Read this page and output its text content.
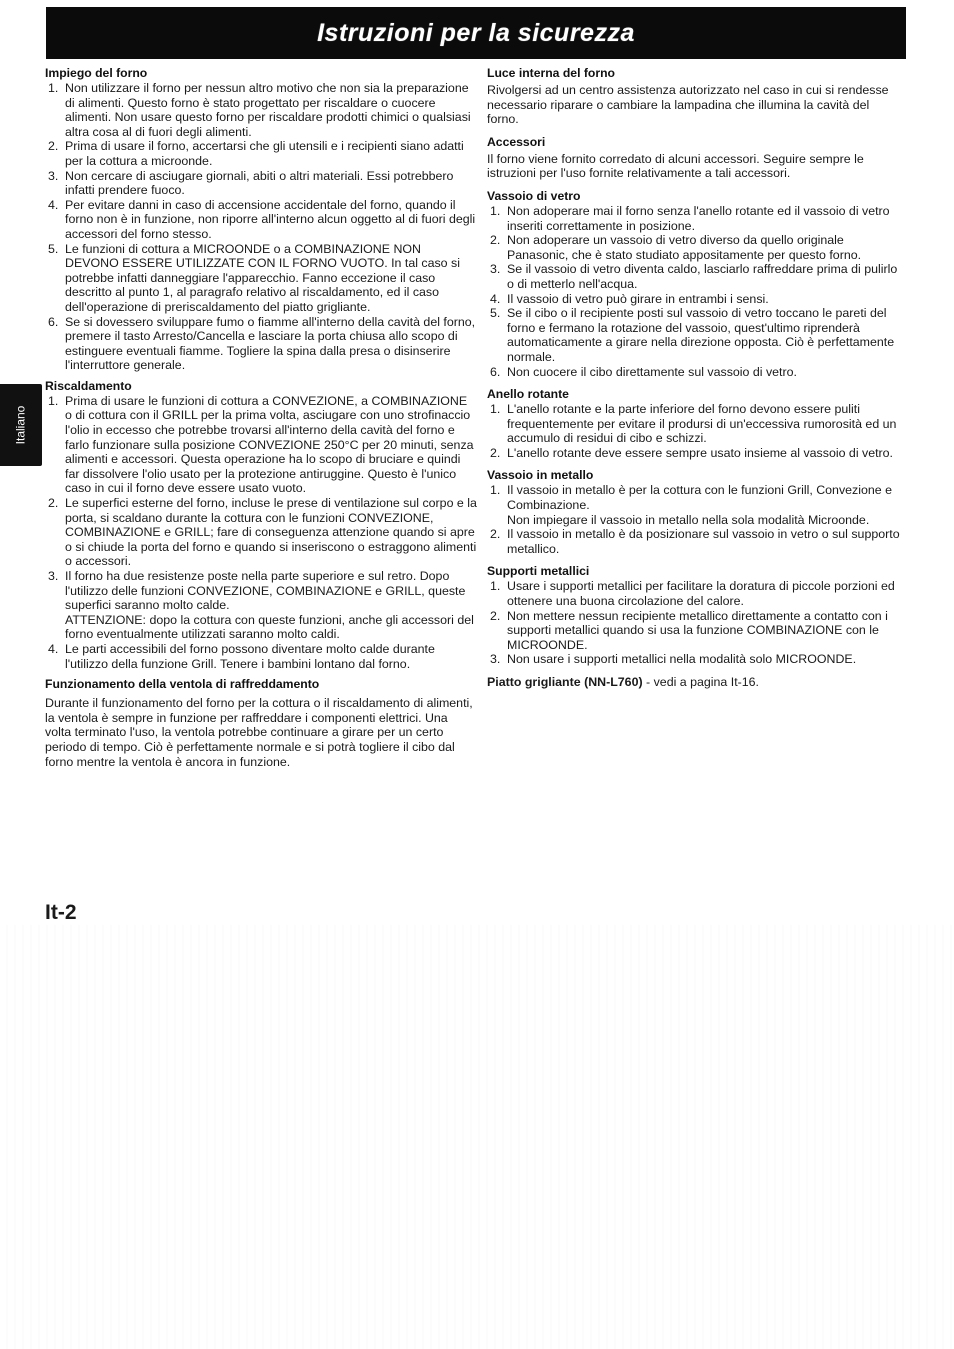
Istruzioni per la sicurezza
Italiano
Impiego del forno
1. Non utilizzare il forno per nessun altro motivo che non sia la preparazione di alimenti. Questo forno è stato progettato per riscaldare o cuocere alimenti. Non usare questo forno per riscaldare prodotti chimici o qualsiasi altra cosa al di fuori degli alimenti.
2. Prima di usare il forno, accertarsi che gli utensili e i recipienti siano adatti per la cottura a microonde.
3. Non cercare di asciugare giornali, abiti o altri materiali. Essi potrebbero infatti prendere fuoco.
4. Per evitare danni in caso di accensione accidentale del forno, quando il forno non è in funzione, non riporre all'interno alcun oggetto al di fuori degli accessori del forno stesso.
5. Le funzioni di cottura a MICROONDE o a COMBINAZIONE NON DEVONO ESSERE UTILIZZATE CON IL FORNO VUOTO. In tal caso si potrebbe infatti danneggiare l'apparecchio. Fanno eccezione il caso descritto al punto 1, al paragrafo relativo al riscaldamento, ed il caso dell'operazione di preriscaldamento del piatto grigliante.
6. Se si dovessero sviluppare fumo o fiamme all'interno della cavità del forno, premere il tasto Arresto/Cancella e lasciare la porta chiusa allo scopo di estinguere eventuali fiamme. Togliere la spina dalla presa o disinserire l'interruttore generale.
Riscaldamento
1. Prima di usare le funzioni di cottura a CONVEZIONE, a COMBINAZIONE o di cottura con il GRILL per la prima volta, asciugare con uno strofinaccio l'olio in eccesso che potrebbe trovarsi all'interno della cavità del forno e farlo funzionare sulla posizione CONVEZIONE 250°C per 20 minuti, senza alimenti e accessori. Questa operazione ha lo scopo di bruciare e quindi far dissolvere l'olio usato per la protezione antiruggine. Questo è l'unico caso in cui il forno deve essere usato vuoto.
2. Le superfici esterne del forno, incluse le prese di ventilazione sul corpo e la porta, si scaldano durante la cottura con le funzioni CONVEZIONE, COMBINAZIONE e GRILL; fare di conseguenza attenzione quando si apre o si chiude la porta del forno e quando si inseriscono o estraggono alimenti o accessori.
3. Il forno ha due resistenze poste nella parte superiore e sul retro. Dopo l'utilizzo delle funzioni CONVEZIONE, COMBINAZIONE e GRILL, queste superfici saranno molto calde.
ATTENZIONE: dopo la cottura con queste funzioni, anche gli accessori del forno eventualmente utilizzati saranno molto caldi.
4. Le parti accessibili del forno possono diventare molto calde durante l'utilizzo della funzione Grill. Tenere i bambini lontano dal forno.
Funzionamento della ventola di raffreddamento

Durante il funzionamento del forno per la cottura o il riscaldamento di alimenti, la ventola è sempre in funzione per raffreddare i componenti elettrici. Una volta terminato l'uso, la ventola potrebbe continuare a girare per un certo periodo di tempo. Ciò è perfettamente normale e si potrà togliere il cibo dal forno mentre la ventola è ancora in funzione.

Luce interna del forno

Rivolgersi ad un centro assistenza autorizzato nel caso in cui si rendesse necessario riparare o cambiare la lampadina che illumina la cavità del forno.

Accessori

Il forno viene fornito corredato di alcuni accessori. Seguire sempre le istruzioni per l'uso fornite relativamente a tali accessori.

Vassoio di vetro
1. Non adoperare mai il forno senza l'anello rotante ed il vassoio di vetro inseriti correttamente in posizione.
2. Non adoperare un vassoio di vetro diverso da quello originale Panasonic, che è stato studiato appositamente per questo forno.
3. Se il vassoio di vetro diventa caldo, lasciarlo raffreddare prima di pulirlo o di metterlo nell'acqua.
4. Il vassoio di vetro può girare in entrambi i sensi.
5. Se il cibo o il recipiente posti sul vassoio di vetro toccano le pareti del forno e fermano la rotazione del vassoio, quest'ultimo riprenderà automaticamente a girare nella direzione opposta. Ciò è perfettamente normale.
6. Non cuocere il cibo direttamente sul vassoio di vetro.
Anello rotante
1. L'anello rotante e la parte inferiore del forno devono essere puliti frequentemente per evitare il prodursi di un'eccessiva rumorosità ed un accumulo di residui di cibo e schizzi.
2. L'anello rotante deve essere sempre usato insieme al vassoio di vetro.
Vassoio in metallo
1. Il vassoio in metallo è per la cottura con le funzioni Grill, Convezione e Combinazione.
Non impiegare il vassoio in metallo nella sola modalità Microonde.
2. Il vassoio in metallo è da posizionare sul vassoio in vetro o sul supporto metallico.
Supporti metallici
1. Usare i supporti metallici per facilitare la doratura di piccole porzioni ed ottenere una buona circolazione del calore.
2. Non mettere nessun recipiente metallico direttamente a contatto con i supporti metallici quando si usa la funzione COMBINAZIONE con le MICROONDE.
3. Non usare i supporti metallici nella modalità solo MICROONDE.

Piatto grigliante (NN-L760) - vedi a pagina It-16.

It-2
